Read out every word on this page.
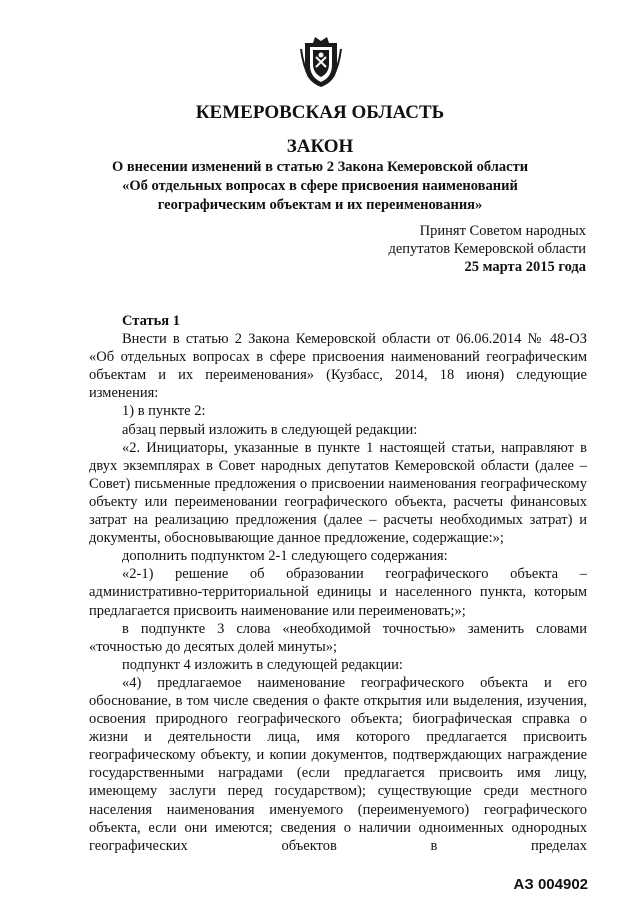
КЕМЕРОВСКАЯ ОБЛАСТЬ
ЗАКОН
О внесении изменений в статью 2 Закона Кемеровской области
«Об отдельных вопросах в сфере присвоения наименований
географическим объектам и их переименования»
Принят Советом народных
депутатов Кемеровской области
25 марта 2015 года
Статья 1

Внести в статью 2 Закона Кемеровской области от 06.06.2014 № 48-ОЗ «Об отдельных вопросах в сфере присвоения наименований географическим объектам и их переименования» (Кузбасс, 2014, 18 июня) следующие изменения:

1) в пункте 2:

абзац первый изложить в следующей редакции:

«2. Инициаторы, указанные в пункте 1 настоящей статьи, направляют в двух экземплярах в Совет народных депутатов Кемеровской области (далее – Совет) письменные предложения о присвоении наименования географическому объекту или переименовании географического объекта, расчеты финансовых затрат на реализацию предложения (далее – расчеты необходимых затрат) и документы, обосновывающие данное предложение, содержащие:»;

дополнить подпунктом 2-1 следующего содержания:

«2-1) решение об образовании географического объекта – административно-территориальной единицы и населенного пункта, которым предлагается присвоить наименование или переименовать;»;

в подпункте 3 слова «необходимой точностью» заменить словами «точностью до десятых долей минуты»;

подпункт 4 изложить в следующей редакции:

«4) предлагаемое наименование географического объекта и его обоснование, в том числе сведения о факте открытия или выделения, изучения, освоения природного географического объекта; биографическая справка о жизни и деятельности лица, имя которого предлагается присвоить географическому объекту, и копии документов, подтверждающих награждение государственными наградами (если предлагается присвоить имя лицу, имеющему заслуги перед государством); существующие среди местного населения наименования именуемого (переименуемого) географического объекта, если они имеются; сведения о наличии одноименных однородных географических объектов в пределах

АЗ 004902
